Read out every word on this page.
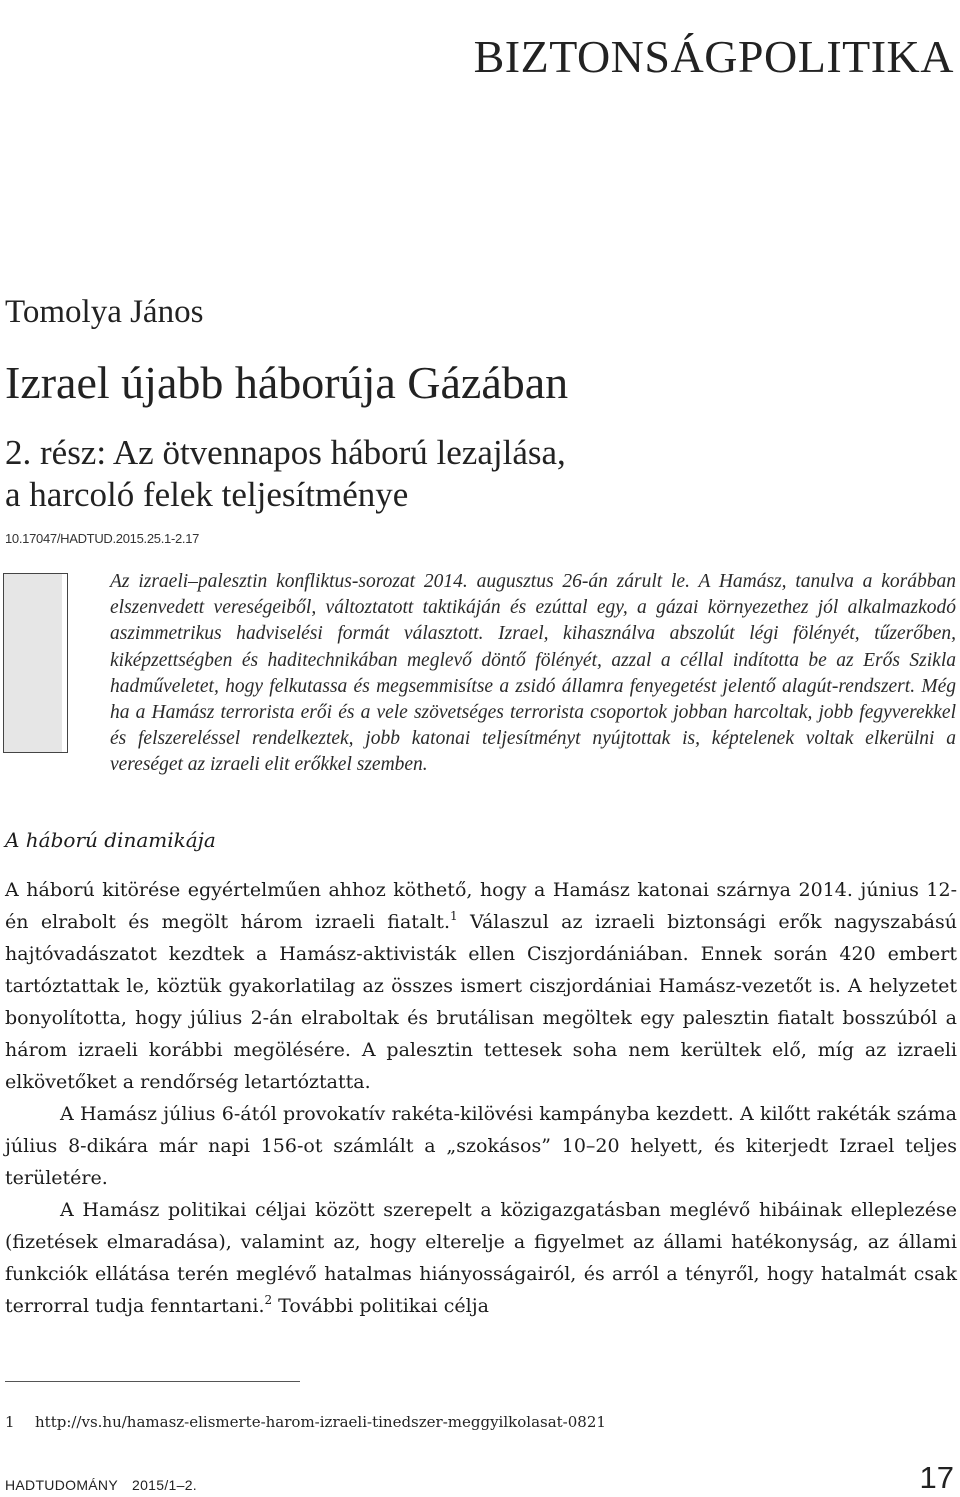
BIZTONSÁGPOLITIKA
Tomolya János
Izrael újabb háborúja Gázában
2. rész: Az ötvennapos háború lezajlása,
a harcoló felek teljesítménye
10.17047/HADTUD.2015.25.1-2.17

Az izraeli–palesztin konfliktus-sorozat 2014. augusztus 26-án zárult le. A Hamász, tanulva a korábban elszenvedett vereségeiből, változtatott taktikáján és ezúttal egy, a gázai környezethez jól alkalmazkodó aszimmetrikus hadviselési formát választott. Izrael, kihasználva abszolút légi fölényét, tűzerőben, kiképzettségben és haditechnikában meglevő döntő fölényét, azzal a céllal indította be az Erős Szikla hadműveletet, hogy felkutassa és megsemmisítse a zsidó államra fenyegetést jelentő alagút-rendszert. Még ha a Hamász terrorista erői és a vele szövetséges terrorista csoportok jobban harcoltak, jobb fegyverekkel és felszereléssel rendelkeztek, jobb katonai teljesítményt nyújtottak is, képtelenek voltak elkerülni a vereséget az izraeli elit erőkkel szemben.

A háború dinamikája

A háború kitörése egyértelműen ahhoz köthető, hogy a Hamász katonai szárnya 2014. június 12-én elrabolt és megölt három izraeli fiatalt.$^1$ Válaszul az izraeli biztonsági erők nagyszabású hajtóvadászatot kezdtek a Hamász-aktivisták ellen Ciszjordániában. Ennek során 420 embert tartóztattak le, köztük gyakorlatilag az összes ismert ciszjordániai Hamász-vezetőt is. A helyzetet bonyolította, hogy július 2-án elraboltak és brutálisan megöltek egy palesztin fiatalt bosszúból a három izraeli korábbi megölésére. A palesztin tettesek soha nem kerültek elő, míg az izraeli elkövetőket a rendőrség letartóztatta.

A Hamász július 6-ától provokatív rakéta-kilövési kampányba kezdett. A kilőtt rakéták száma július 8-dikára már napi 156-ot számlált a „szokásos” 10–20 helyett, és kiterjedt Izrael teljes területére.

A Hamász politikai céljai között szerepelt a közigazgatásban meglévő hibáinak elleplezése (fizetések elmaradása), valamint az, hogy elterelje a figyelmet az állami hatékonyság, az állami funkciók ellátása terén meglévő hatalmas hiányosságairól, és arról a tényről, hogy hatalmát csak terrorral tudja fenntartani.$^2$ További politikai célja

1 http://vs.hu/hamasz-elismerte-harom-izraeli-tinedszer-meggyilkolasat-0821
HADTUDOMÁNY 2015/1–2.	17
